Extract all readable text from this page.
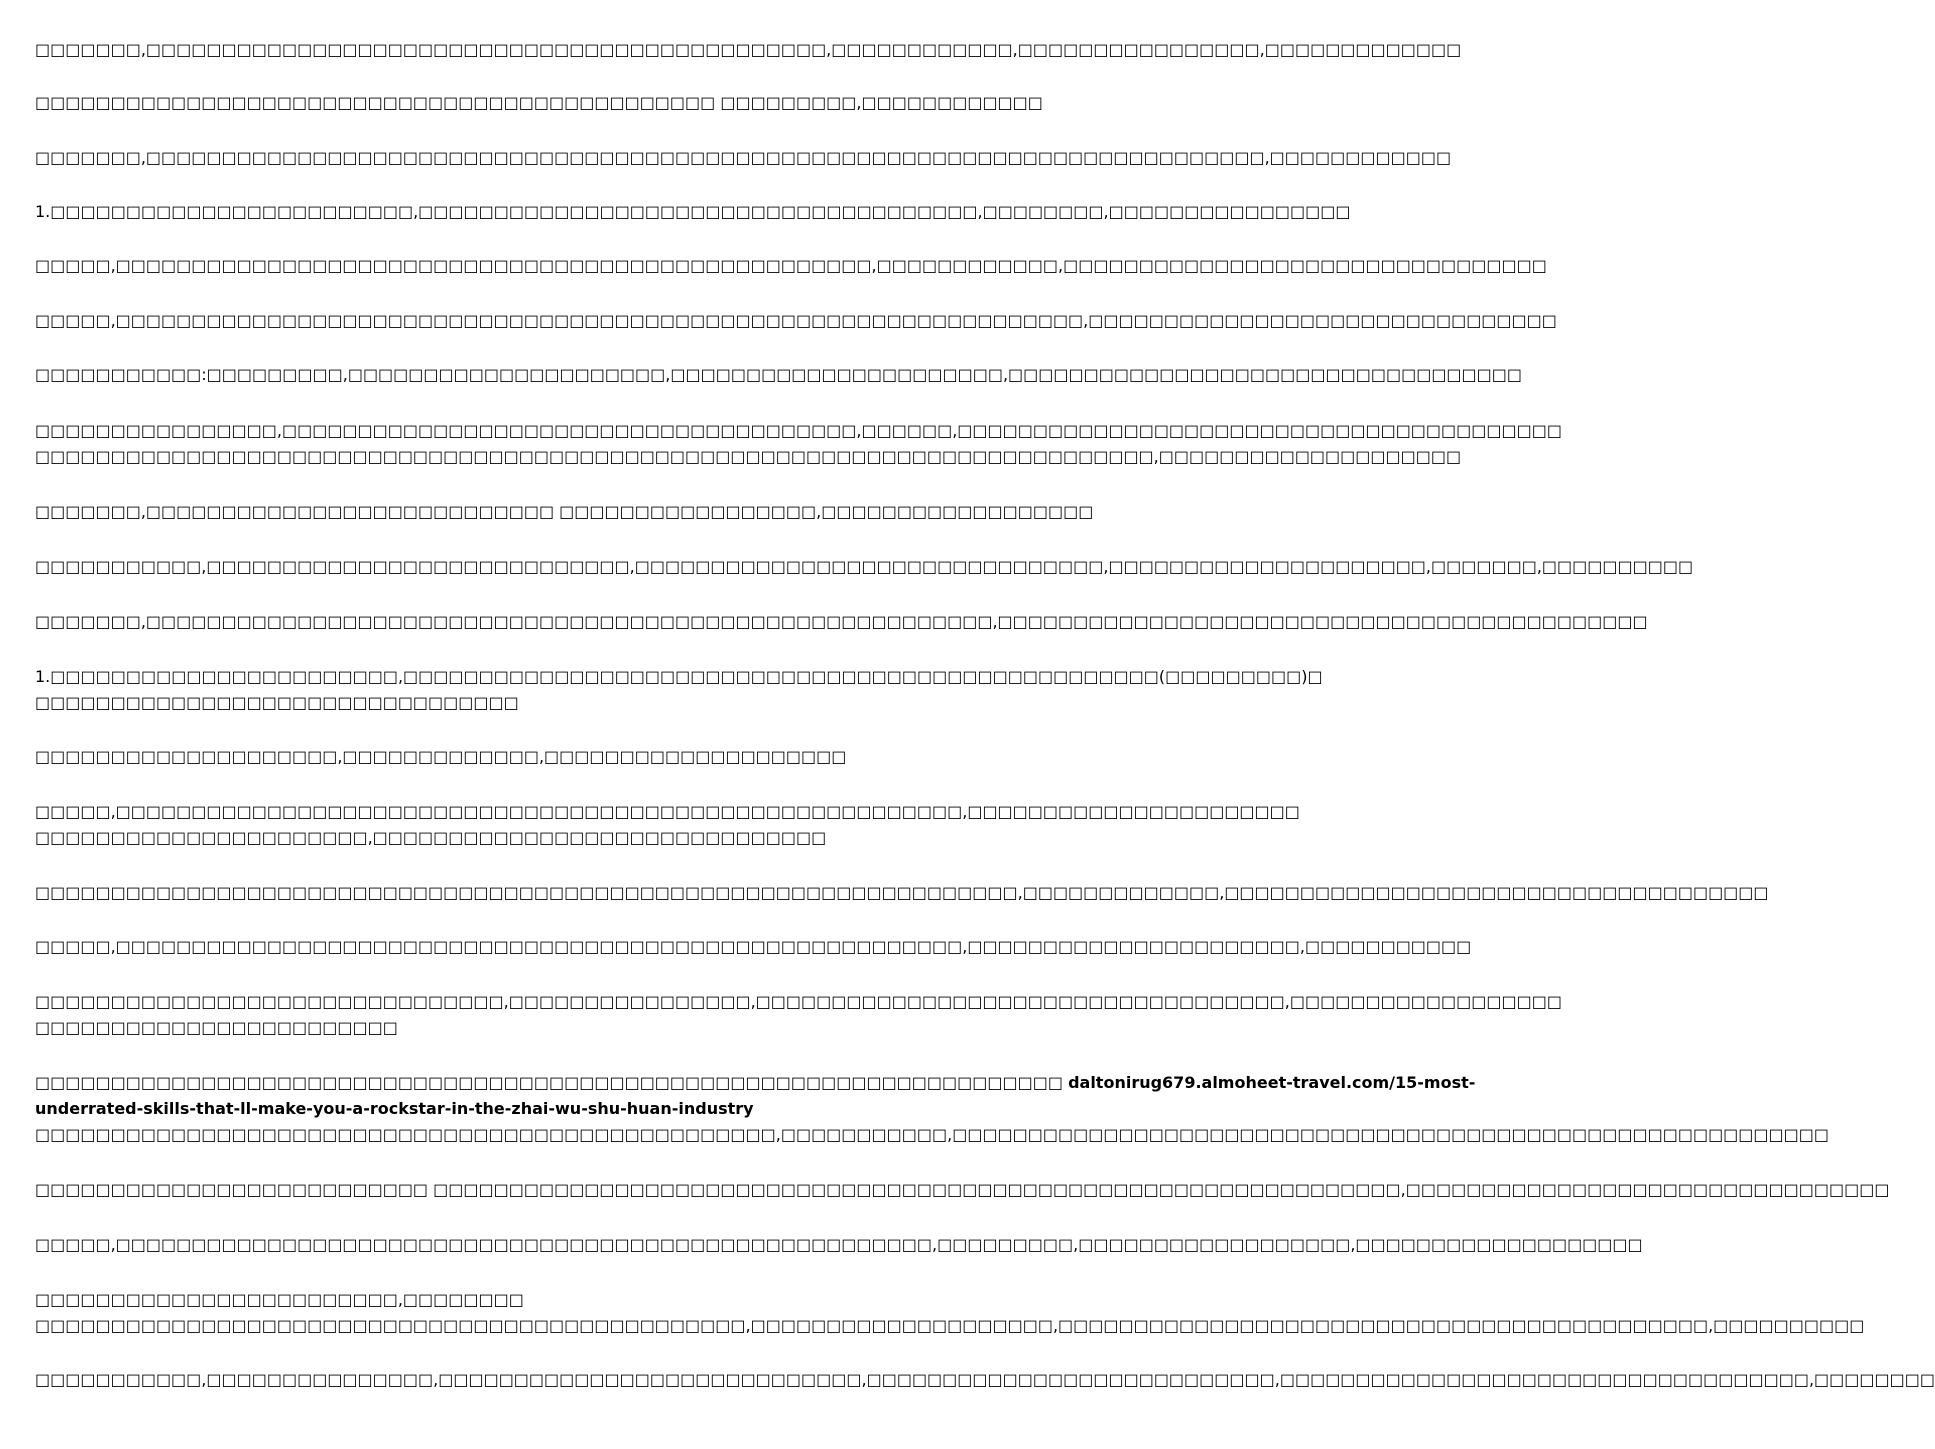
□□□□□□□,□□□□□□□□□□□□□□□□□□□□□□□□□□□□□□□□□□□□□□□□□□□□□,□□□□□□□□□□□□,□□□□□□□□□□□□□□□□,□□□□□□□□□□□□□
□□□□□□□□□□□□□□□□□□□□□□□□□□□□□□□□□□□□□□□□□□□□□ □□□□□□□□□,□□□□□□□□□□□□
□□□□□□□,□□□□□□□□□□□□□□□□□□□□□□□□□□□□□□□□□□□□□□□□□□□□□□□□□□□□□□□□□□□□□□□□□□□□□□□□□□,□□□□□□□□□□□□
1.□□□□□□□□□□□□□□□□□□□□□□□□,□□□□□□□□□□□□□□□□□□□□□□□□□□□□□□□□□□□□□,□□□□□□□□,□□□□□□□□□□□□□□□□
□□□□□,□□□□□□□□□□□□□□□□□□□□□□□□□□□□□□□□□□□□□□□□□□□□□□□□□□,□□□□□□□□□□□□,□□□□□□□□□□□□□□□□□□□□□□□□□□□□□□□□
□□□□□,□□□□□□□□□□□□□□□□□□□□□□□□□□□□□□□□□□□□□□□□□□□□□□□□□□□□□□□□□□□□□□□□,□□□□□□□□□□□□□□□□□□□□□□□□□□□□□□□
□□□□□□□□□□□:□□□□□□□□□,□□□□□□□□□□□□□□□□□□□□□,□□□□□□□□□□□□□□□□□□□□□□,□□□□□□□□□□□□□□□□□□□□□□□□□□□□□□□□□□
□□□□□□□□□□□□□□□□,□□□□□□□□□□□□□□□□□□□□□□□□□□□□□□□□□□□□□□,□□□□□□,□□□□□□□□□□□□□□□□□□□□□□□□□□□□□□□□□□□□□□□□
□□□□□□□□□□□□□□□□□□□□□□□□□□□□□□□□□□□□□□□□□□□□□□□□□□□□□□□□□□□□□□□□□□□□□□□□□□,□□□□□□□□□□□□□□□□□□□□
□□□□□□□,□□□□□□□□□□□□□□□□□□□□□□□□□□□ □□□□□□□□□□□□□□□□□,□□□□□□□□□□□□□□□□□□
□□□□□□□□□□□,□□□□□□□□□□□□□□□□□□□□□□□□□□□□,□□□□□□□□□□□□□□□□□□□□□□□□□□□□□□□,□□□□□□□□□□□□□□□□□□□□□,□□□□□□□,□□□□□□□□□□
□□□□□□□,□□□□□□□□□□□□□□□□□□□□□□□□□□□□□□□□□□□□□□□□□□□□□□□□□□□□□□□□,□□□□□□□□□□□□□□□□□□□□□□□□□□□□□□□□□□□□□□□□□□□
1.□□□□□□□□□□□□□□□□□□□□□□□,□□□□□□□□□□□□□□□□□□□□□□□□□□□□□□□□□□□□□□□□□□□□□□□□□□(□□□□□□□□□)□
□□□□□□□□□□□□□□□□□□□□□□□□□□□□□□□□
□□□□□□□□□□□□□□□□□□□□,□□□□□□□□□□□□□,□□□□□□□□□□□□□□□□□□□□
□□□□□,□□□□□□□□□□□□□□□□□□□□□□□□□□□□□□□□□□□□□□□□□□□□□□□□□□□□□□□□,□□□□□□□□□□□□□□□□□□□□□□
□□□□□□□□□□□□□□□□□□□□□□,□□□□□□□□□□□□□□□□□□□□□□□□□□□□□□
□□□□□□□□□□□□□□□□□□□□□□□□□□□□□□□□□□□□□□□□□□□□□□□□□□□□□□□□□□□□□□□□□,□□□□□□□□□□□□□,□□□□□□□□□□□□□□□□□□□□□□□□□□□□□□□□□□□□
□□□□□,□□□□□□□□□□□□□□□□□□□□□□□□□□□□□□□□□□□□□□□□□□□□□□□□□□□□□□□□,□□□□□□□□□□□□□□□□□□□□□□,□□□□□□□□□□□
□□□□□□□□□□□□□□□□□□□□□□□□□□□□□□□,□□□□□□□□□□□□□□□□,□□□□□□□□□□□□□□□□□□□□□□□□□□□□□□□□□□□,□□□□□□□□□□□□□□□□□□
□□□□□□□□□□□□□□□□□□□□□□□□
□□□□□□□□□□□□□□□□□□□□□□□□□□□□□□□□□□□□□□□□□□□□□□□□□□□□□□□□□□□□□□□□□□□□ daltonirug679.almoheet-travel.com/15-most-
underrated-skills-that-ll-make-you-a-rockstar-in-the-zhai-wu-shu-huan-industry
□□□□□□□□□□□□□□□□□□□□□□□□□□□□□□□□□□□□□□□□□□□□□□□□□,□□□□□□□□□□□,□□□□□□□□□□□□□□□□□□□□□□□□□□□□□□□□□□□□□□□□□□□□□□□□□□□□□□□□□□
□□□□□□□□□□□□□□□□□□□□□□□□□□ □□□□□□□□□□□□□□□□□□□□□□□□□□□□□□□□□□□□□□□□□□□□□□□□□□□□□□□□□□□□□□□□,□□□□□□□□□□□□□□□□□□□□□□□□□□□□□□□□
□□□□□,□□□□□□□□□□□□□□□□□□□□□□□□□□□□□□□□□□□□□□□□□□□□□□□□□□□□□□,□□□□□□□□□,□□□□□□□□□□□□□□□□□□,□□□□□□□□□□□□□□□□□□□
□□□□□□□□□□□□□□□□□□□□□□□□,□□□□□□□□
□□□□□□□□□□□□□□□□□□□□□□□□□□□□□□□□□□□□□□□□□□□□□□□,□□□□□□□□□□□□□□□□□□□□,□□□□□□□□□□□□□□□□□□□□□□□□□□□□□□□□□□□□□□□□□□□,□□□□□□□□□□
□□□□□□□□□□□,□□□□□□□□□□□□□□□,□□□□□□□□□□□□□□□□□□□□□□□□□□□□,□□□□□□□□□□□□□□□□□□□□□□□□□□□,□□□□□□□□□□□□□□□□□□□□□□□□□□□□□□□□□□□,□□□□□□□□
